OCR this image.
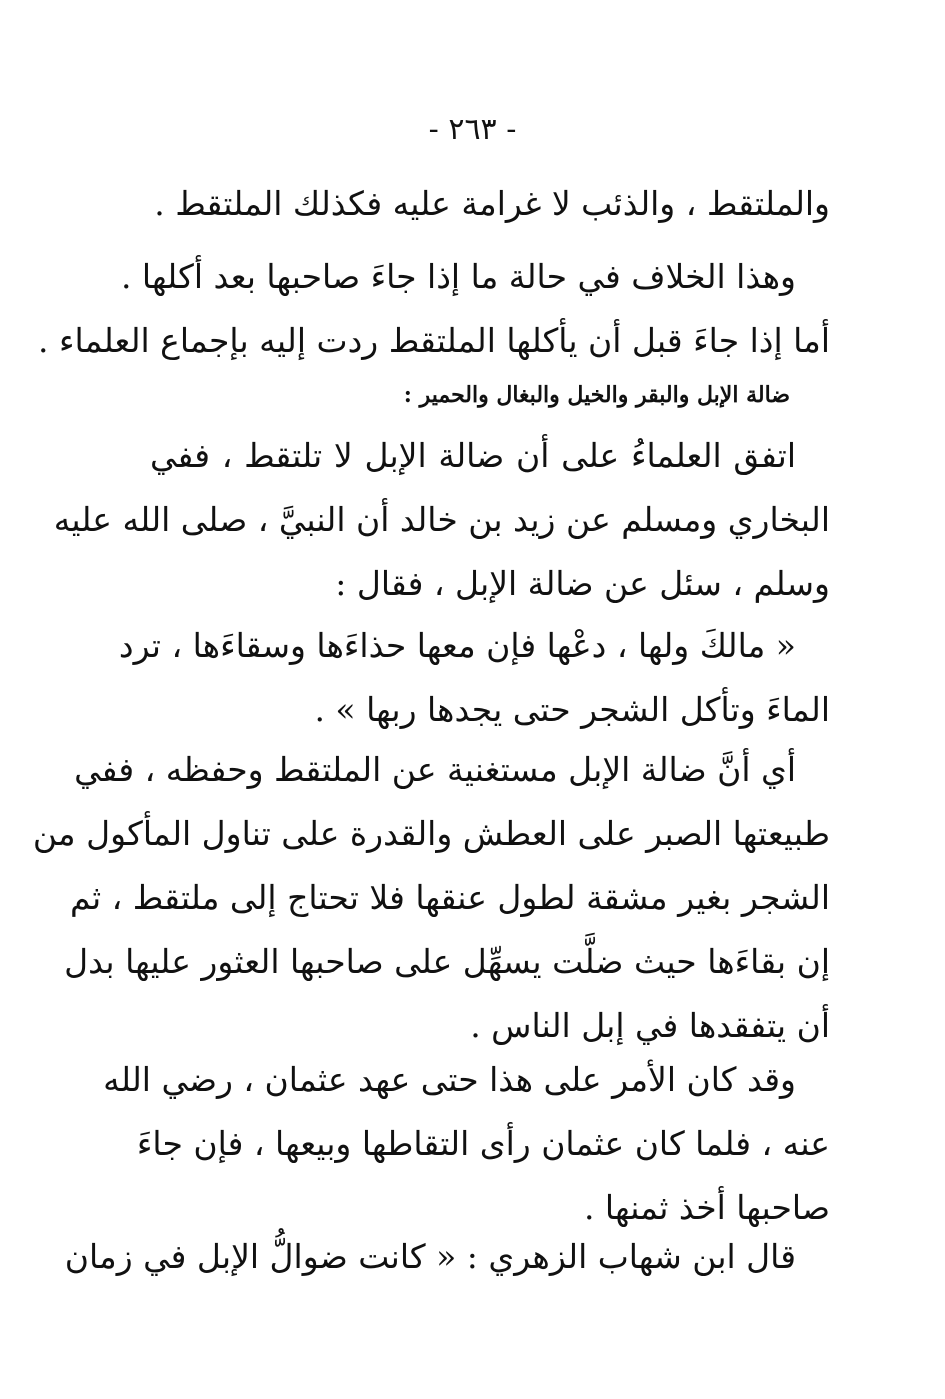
- ٢٦٣ -
والملتقط ، والذئب لا غرامة عليه فكذلك الملتقط .
وهذا الخلاف في حالة ما إذا جاءَ صاحبها بعد أكلها .
أما إذا جاءَ قبل أن يأكلها الملتقط ردت إليه بإجماع العلماء .
ضالة الإبل والبقر والخيل والبغال والحمير :
اتفق العلماءُ على أن ضالة الإبل لا تلتقط ، ففي
البخاري ومسلم عن زيد بن خالد أن النبيَّ ، صلى الله عليه
وسلم ، سئل عن ضالة الإبل ، فقال :
« مالكَ ولها ، دعْها فإن معها حذاءَها وسقاءَها ، ترد
الماءَ وتأكل الشجر حتى يجدها ربها » .
أي أنَّ ضالة الإبل مستغنية عن الملتقط وحفظه ، ففي
طبيعتها الصبر على العطش والقدرة على تناول المأكول من
الشجر بغير مشقة لطول عنقها فلا تحتاج إلى ملتقط ، ثم
إن بقاءَها حيث ضلَّت يسهِّل على صاحبها العثور عليها بدل
أن يتفقدها في إبل الناس .
وقد كان الأمر على هذا حتى عهد عثمان ، رضي الله
عنه ، فلما كان عثمان رأى التقاطها وبيعها ، فإن جاءَ
صاحبها أخذ ثمنها .
قال ابن شهاب الزهري : « كانت ضوالُّ الإبل في زمان
